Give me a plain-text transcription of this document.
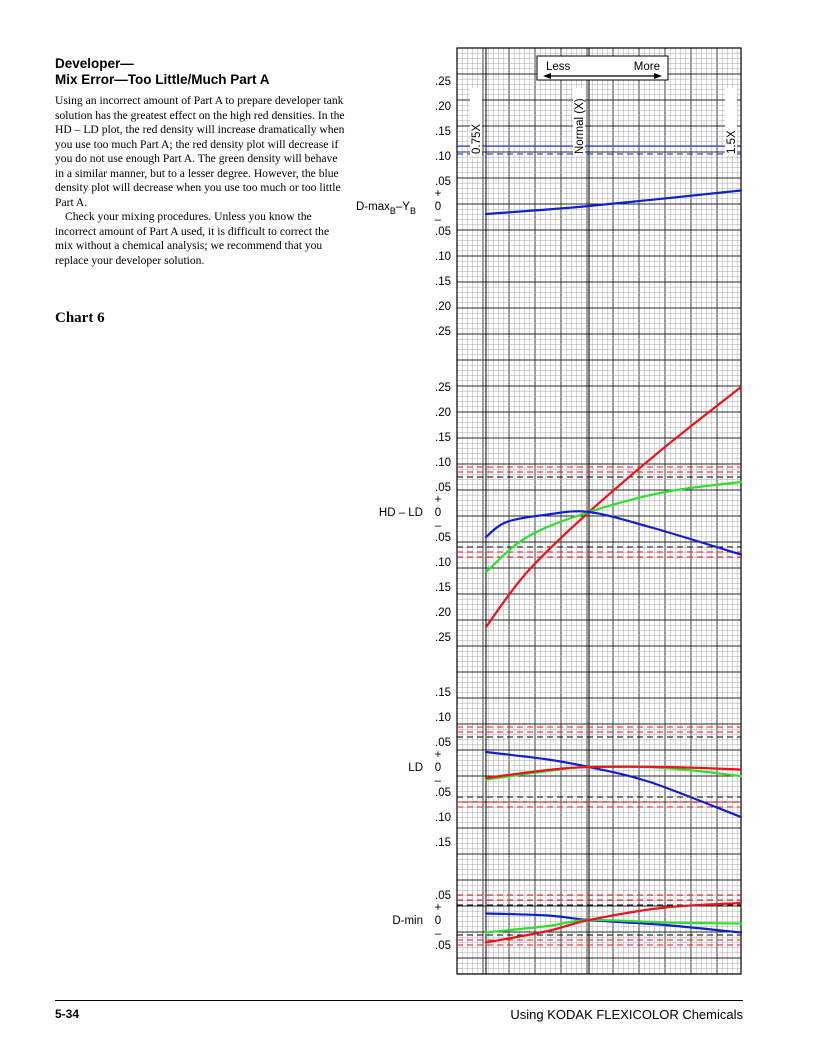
Developer—
Mix Error—Too Little/Much Part A

Using an incorrect amount of Part A to prepare developer tank solution has the greatest effect on the high red densities. In the HD – LD plot, the red density will increase dramatically when you use too much Part A; the red density plot will decrease if you do not use enough Part A. The green density will behave in a similar manner, but to a lesser degree. However, the blue density plot will decrease when you use too much or too little Part A.

Check your mixing procedures. Unless you know the incorrect amount of Part A used, it is difficult to correct the mix without a chemical analysis; we recommend that you replace your developer solution.

Chart 6
Less	More
0.75X	Normal (X)	1.5X
.25
.20
.15
.10
.05
0
.05
.10
.15
.20
.25
+
–
$D-\max_B-Y_B$
.25
.20
.15
.10
.05
0
.05
.10
.15
.20
.25
+
–
HD – LD
.15
.10
.05
0
.05
.10
.15
+
–
LD
.05
0
.05
+
–
D-min
5-34	Using KODAK FLEXICOLOR Chemicals
